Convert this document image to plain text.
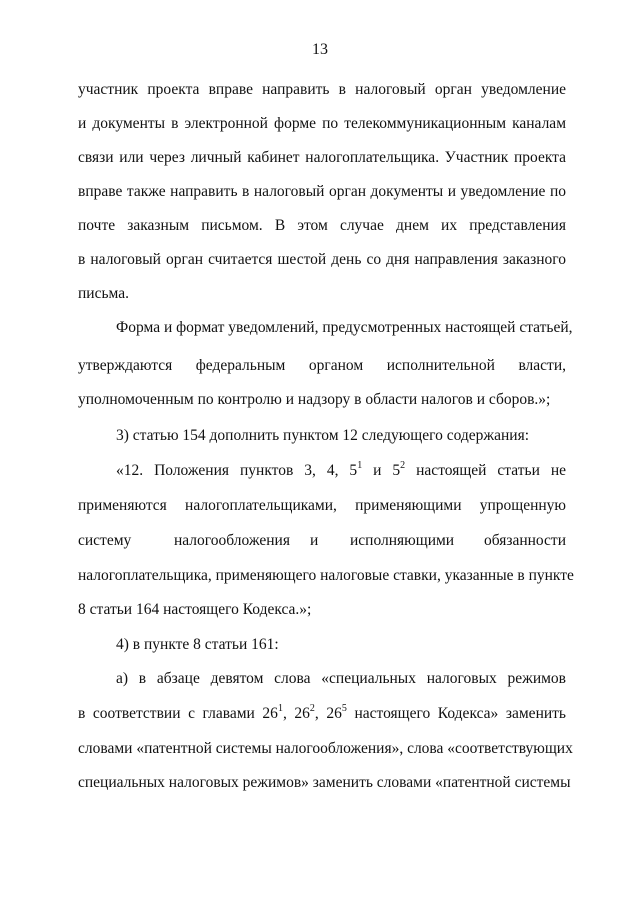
13
участник проекта вправе направить в налоговый орган уведомление
и документы в электронной форме по телекоммуникационным каналам
связи или через личный кабинет налогоплательщика. Участник проекта
вправе также направить в налоговый орган документы и уведомление по
почте заказным письмом. В этом случае днем их представления
в налоговый орган считается шестой день со дня направления заказного
письма.
Форма и формат уведомлений, предусмотренных настоящей статьей,
утверждаются федеральным органом исполнительной власти,
уполномоченным по контролю и надзору в области налогов и сборов.»;
3) статью 154 дополнить пунктом 12 следующего содержания:
«12. Положения пунктов 3, 4, $5^1$ и $5^2$ настоящей статьи не
применяются налогоплательщиками, применяющими упрощенную
систему	налогообложения и исполняющими обязанности
налогоплательщика, применяющего налоговые ставки, указанные в пункте
8 статьи 164 настоящего Кодекса.»;
4) в пункте 8 статьи 161:
а) в абзаце девятом слова «специальных налоговых режимов
в соответствии с главами $26^1$, $26^2$, $26^5$ настоящего Кодекса» заменить
словами «патентной системы налогообложения», слова «соответствующих
специальных налоговых режимов» заменить словами «патентной системы
